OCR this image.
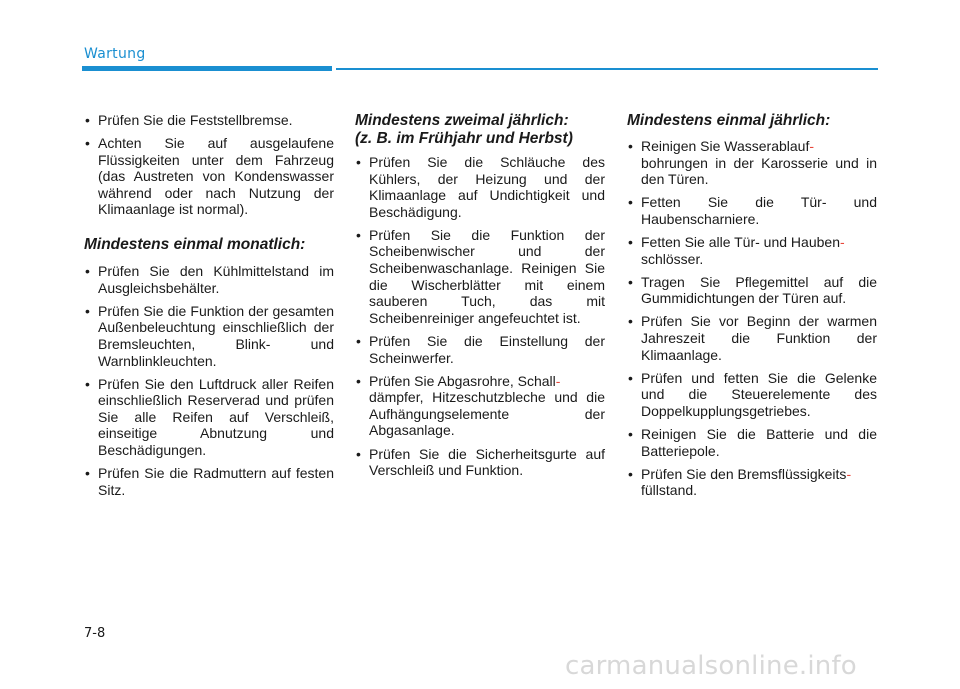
Wartung
• Prüfen Sie die Feststellbremse.
• Achten Sie auf ausgelaufene Flüssigkeiten unter dem Fahrzeug (das Austreten von Kondenswasser während oder nach Nutzung der Klimaanlage ist normal).
Mindestens einmal monatlich:
• Prüfen Sie den Kühlmittelstand im Ausgleichsbehälter.
• Prüfen Sie die Funktion der gesamten Außenbeleuchtung einschließlich der Bremsleuchten, Blink- und Warnblinkleuchten.
• Prüfen Sie den Luftdruck aller Reifen einschließlich Reserverad und prüfen Sie alle Reifen auf Verschleiß, einseitige Abnutzung und Beschädigungen.
• Prüfen Sie die Radmuttern auf festen Sitz.
Mindestens zweimal jährlich:
(z. B. im Frühjahr und Herbst)
• Prüfen Sie die Schläuche des Kühlers, der Heizung und der Klimaanlage auf Undichtigkeit und Beschädigung.
• Prüfen Sie die Funktion der Scheibenwischer und der Scheibenwaschanlage. Reinigen Sie die Wischerblätter mit einem sauberen Tuch, das mit Scheibenreiniger angefeuchtet ist.
• Prüfen Sie die Einstellung der Scheinwerfer.
• Prüfen Sie Abgasrohre, Schall-
dämpfer, Hitzeschutzbleche und die Aufhängungselemente der Abgasanlage.
• Prüfen Sie die Sicherheitsgurte auf Verschleiß und Funktion.
Mindestens einmal jährlich:
• Reinigen Sie Wasserablauf-
bohrungen in der Karosserie und in den Türen.
• Fetten Sie die Tür- und Haubenscharniere.
• Fetten Sie alle Tür- und Hauben-
schlösser.
• Tragen Sie Pflegemittel auf die Gummidichtungen der Türen auf.
• Prüfen Sie vor Beginn der warmen Jahreszeit die Funktion der Klimaanlage.
• Prüfen und fetten Sie die Gelenke und die Steuerelemente des Doppelkupplungsgetriebes.
• Reinigen Sie die Batterie und die Batteriepole.
• Prüfen Sie den Bremsflüssigkeits-
füllstand.
7-8
carmanualsonline.info
